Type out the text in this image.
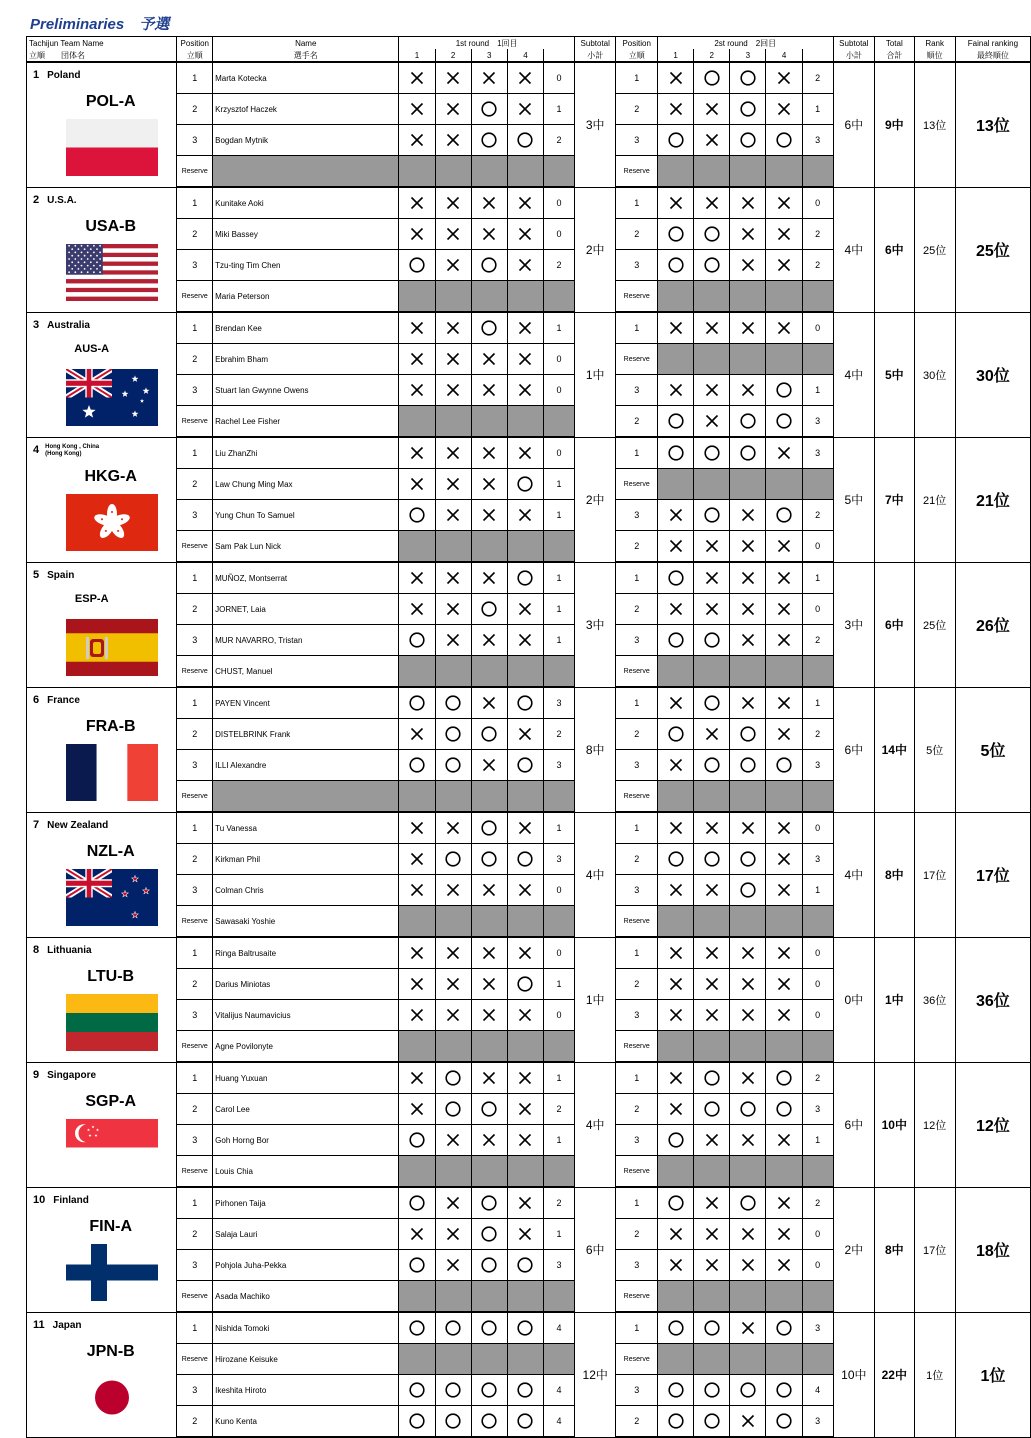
Preliminaries　予選
Tachijun Team Name	Position	Name	1st round　1回目					Subtotal	Position	2st round　2回目					Subtotal	Total	Rank	Fainal ranking
立順　　団体名	立順	選手名	1	2	3	4		小計	立順	1	2	3	4		小計	合計	順位	最終順位

1 Poland
POL-A	1	Marta Kotecka					0	3中	1					2	6中	9中	13位	13位
	2	Krzysztof Haczek					1		2					1				
	3	Bogdan Mytnik					2		3					3				
	Reserve								Reserve									

2 U.S.A.
USA-B	1	Kunitake Aoki					0	2中	1					0	4中	6中	25位	25位
	2	Miki Bassey					0		2					2				
	3	Tzu-ting Tim Chen					2		3					2				
	Reserve	Maria Peterson							Reserve									

3 Australia
AUS-A	1	Brendan Kee					1	1中	1					0	4中	5中	30位	30位
	2	Ebrahim Bham					0		Reserve									
	3	Stuart Ian Gwynne Owens					0		3					1				
	Reserve	Rachel Lee Fisher							2					3				

4 Hong Kong , China (Hong Kong)
HKG-A	1	Liu ZhanZhi					0	2中	1					3	5中	7中	21位	21位
	2	Law Chung Ming Max					1		Reserve									
	3	Yung Chun To Samuel					1		3					2				
	Reserve	Sam Pak Lun Nick							2					0				

5 Spain
ESP-A	1	MUÑOZ, Montserrat					1	3中	1					1	3中	6中	25位	26位
	2	JORNET, Laia					1		2					0				
	3	MUR NAVARRO, Tristan					1		3					2				
	Reserve	CHUST, Manuel							Reserve									

6 France
FRA-B	1	PAYEN Vincent					3	8中	1					1	6中	14中	5位	5位
	2	DISTELBRINK Frank					2		2					2				
	3	ILLI Alexandre					3		3					3				
	Reserve								Reserve									

7 New Zealand
NZL-A	1	Tu Vanessa					1	4中	1					0	4中	8中	17位	17位
	2	Kirkman Phil					3		2					3				
	3	Colman Chris					0		3					1				
	Reserve	Sawasaki Yoshie							Reserve									

8 Lithuania
LTU-B	1	Ringa Baltrusaite					0	1中	1					0	0中	1中	36位	36位
	2	Darius Miniotas					1		2					0				
	3	Vitalijus Naumavicius					0		3					0				
	Reserve	Agne Povilonyte							Reserve									

9 Singapore
SGP-A	1	Huang Yuxuan					1	4中	1					2	6中	10中	12位	12位
	2	Carol Lee					2		2					3				
	3	Goh Horng Bor					1		3					1				
	Reserve	Louis Chia							Reserve									

10 Finland
FIN-A	1	Pirhonen Taija					2	6中	1					2	2中	8中	17位	18位
	2	Salaja Lauri					1		2					0				
	3	Pohjola Juha-Pekka					3		3					0				
	Reserve	Asada Machiko							Reserve									

11 Japan
JPN-B	1	Nishida Tomoki					4	12中	1					3	10中	22中	1位	1位
	Reserve	Hirozane Keisuke							Reserve									
	3	Ikeshita Hiroto					4		3					4				
	2	Kuno Kenta					4		2					3				
